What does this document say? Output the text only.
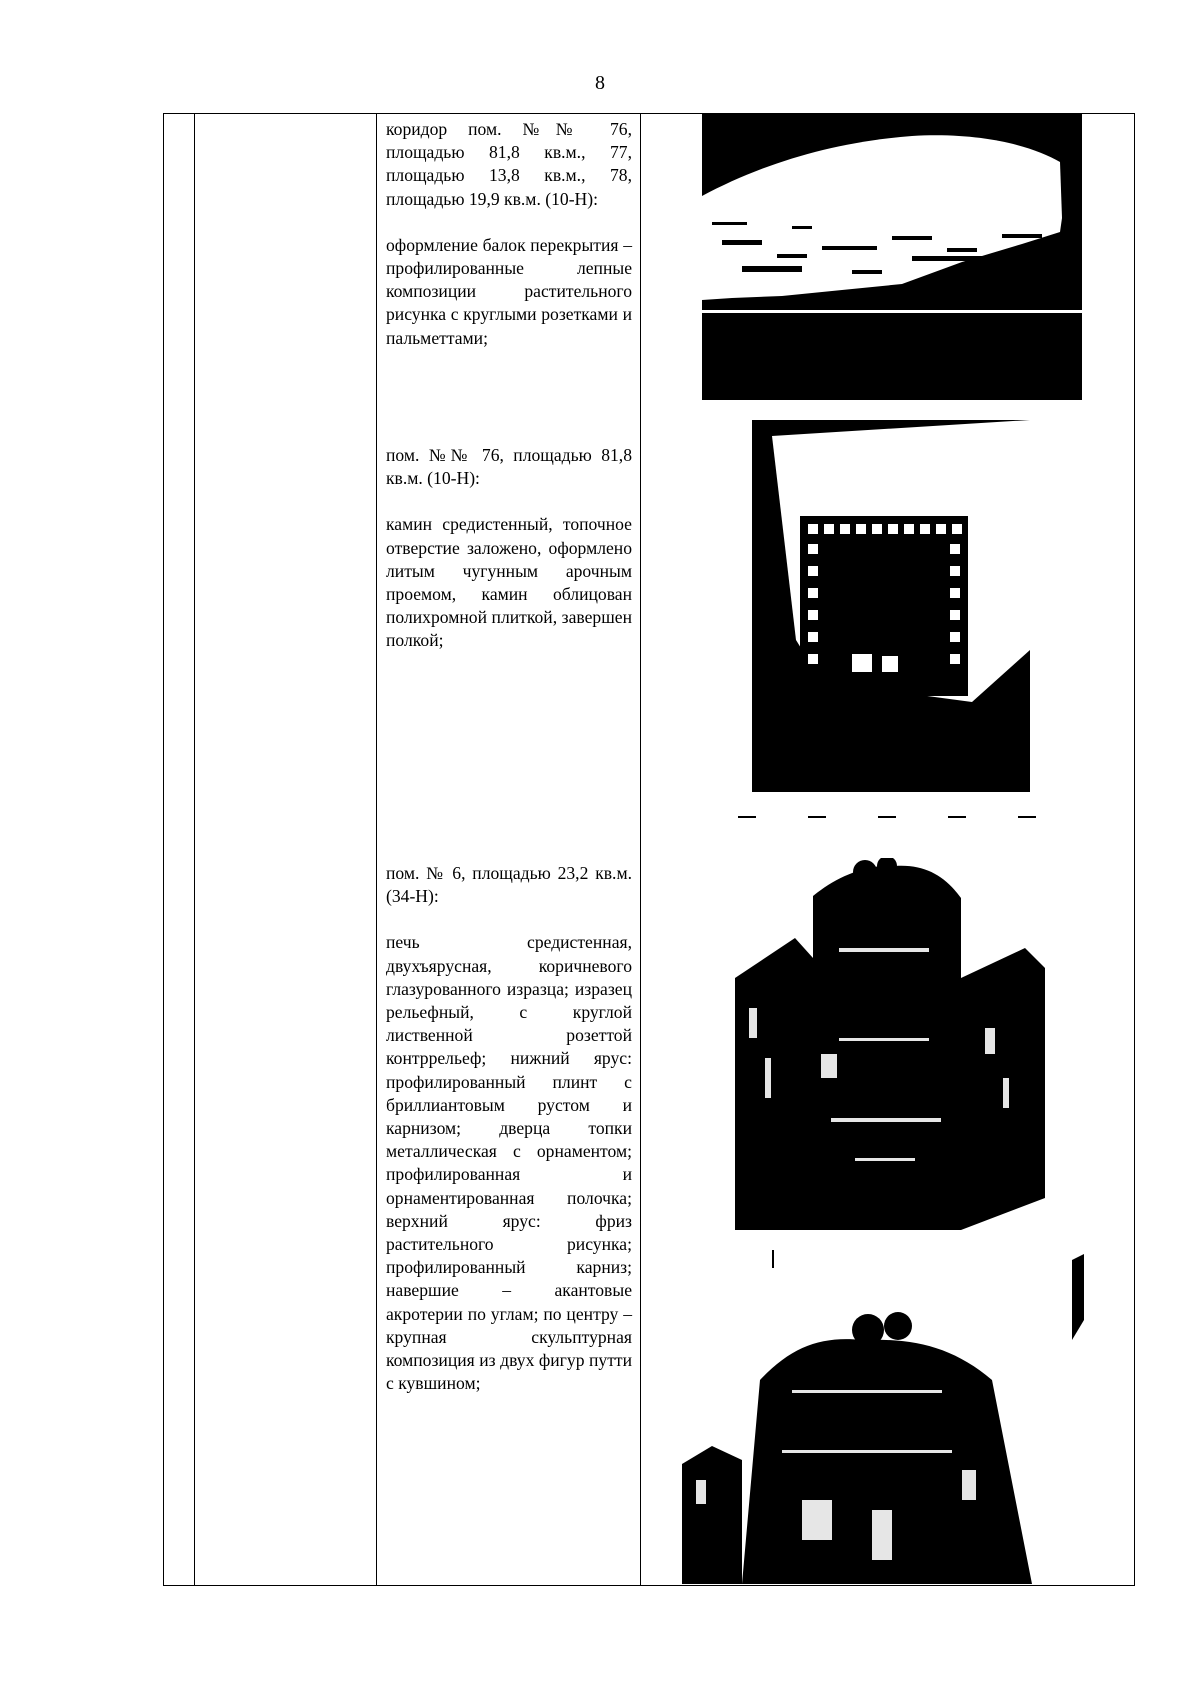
8

коридор пом. №№ 76, площадью 81,8 кв.м., 77, площадью 13,8 кв.м., 78, площадью 19,9 кв.м. (10-Н):

оформление балок перекрытия – профилированные лепные композиции растительного рисунка с круглыми розетками и пальметтами;

пом. №№ 76, площадью 81,8 кв.м. (10-Н):

камин средистенный, топочное отверстие заложено, оформлено литым чугунным арочным проемом, камин облицован полихромной плиткой, завершен полкой;

пом. № 6, площадью 23,2 кв.м. (34-Н):

печь средистенная, двухъярусная, коричневого глазурованного изразца; изразец рельефный, с круглой лиственной розеттой контррельеф; нижний ярус: профилированный плинт с бриллиантовым рустом и карнизом; дверца топки металлическая с орнаментом; профилированная и орнаментированная полочка; верхний ярус: фриз растительного рисунка; профилированный карниз; навершие – акантовые акротерии по углам; по центру – крупная скульптурная композиция из двух фигур путти с кувшином;
